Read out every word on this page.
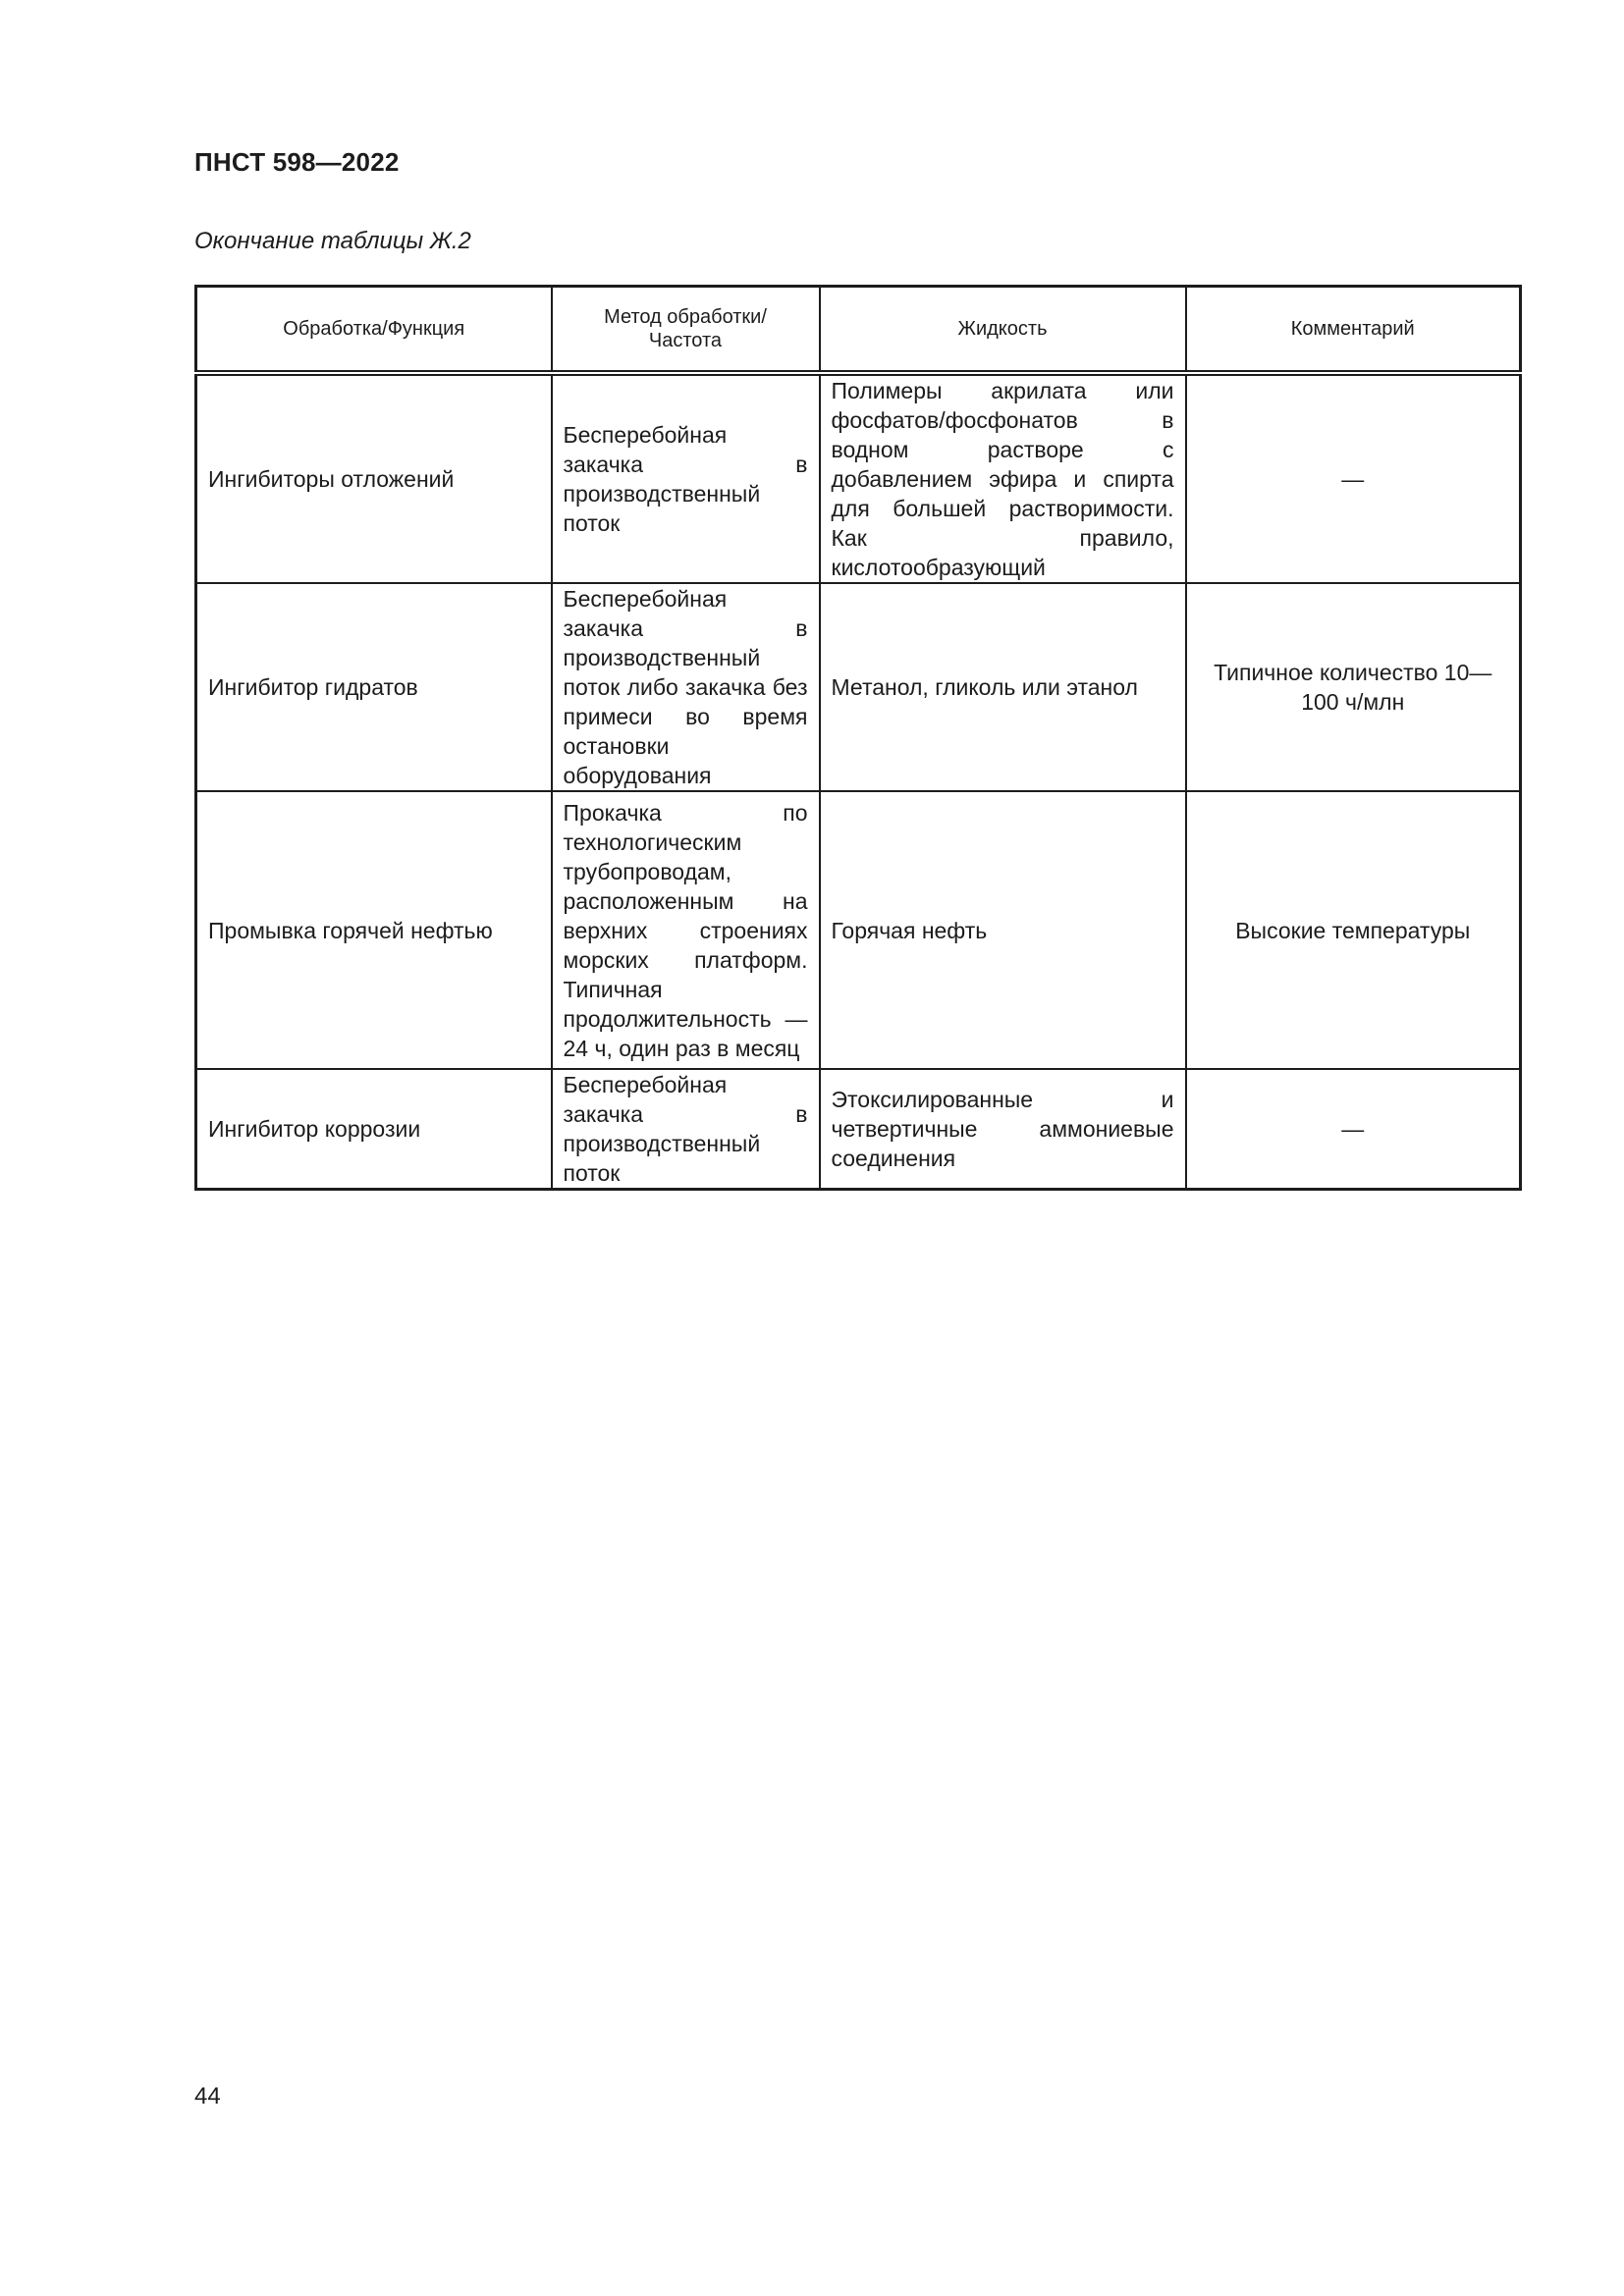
ПНСТ 598—2022
Окончание таблицы Ж.2
Обработка/Функция	Метод обработки/ Частота	Жидкость	Комментарий
Ингибиторы отложений	Бесперебойная закачка в производственный поток	Полимеры акрилата или фосфатов/фосфонатов в водном растворе с добавлением эфира и спирта для большей растворимости. Как правило, кислотообразующий	—
Ингибитор гидратов	Бесперебойная закачка в производственный поток либо закачка без примеси во время остановки оборудования	Метанол, гликоль или этанол	Типичное количество 10—100 ч/млн
Промывка горячей нефтью	Прокачка по технологическим трубопроводам, расположенным на верхних строениях морских платформ. Типичная продолжительность — 24 ч, один раз в месяц	Горячая нефть	Высокие температуры
Ингибитор коррозии	Бесперебойная закачка в производственный поток	Этоксилированные и четвертичные аммониевые соединения	—
44
